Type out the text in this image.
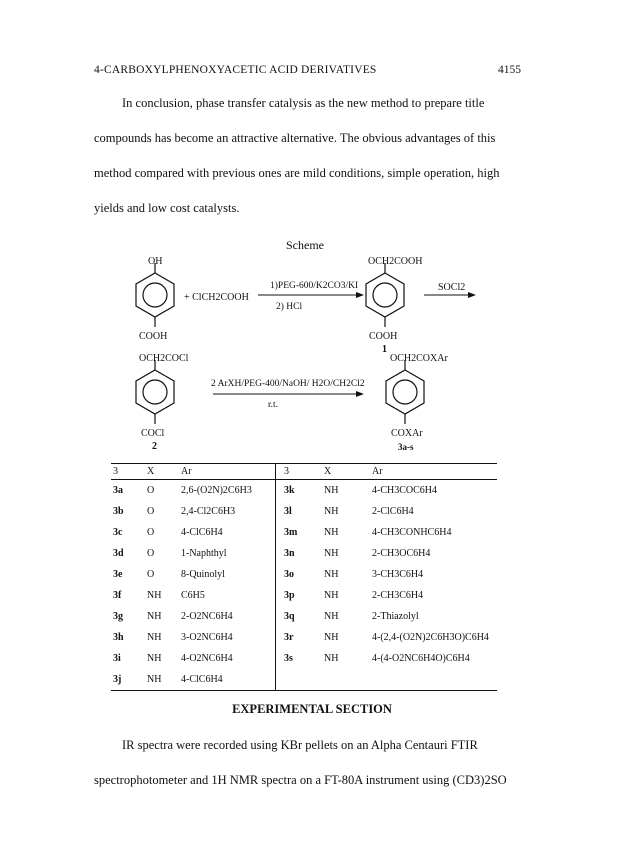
4-CARBOXYLPHENOXYACETIC ACID DERIVATIVES	4155

In conclusion, phase transfer catalysis as the new method to prepare title

compounds has become an attractive alternative. The obvious advantages of this

method compared with previous ones are mild conditions, simple operation, high

yields and low cost catalysts.

Scheme
OH
COOH
+ ClCH2COOH
1)PEG-600/K2CO3/KI
2) HCl
OCH2COOH
COOH
1
SOCl2
OCH2COCl
COCl
2
2 ArXH/PEG-400/NaOH/ H2O/CH2Cl2
r.t.
OCH2COXAr
COXAr
3a-s
3	X	Ar	3	X	Ar
3a	O	2,6-(O2N)2C6H3	3k	NH	4-CH3COC6H4
3b	O	2,4-Cl2C6H3	3l	NH	2-ClC6H4
3c	O	4-ClC6H4	3m	NH	4-CH3CONHC6H4
3d	O	1-Naphthyl	3n	NH	2-CH3OC6H4
3e	O	8-Quinolyl	3o	NH	3-CH3C6H4
3f	NH	C6H5	3p	NH	2-CH3C6H4
3g	NH	2-O2NC6H4	3q	NH	2-Thiazolyl
3h	NH	3-O2NC6H4	3r	NH	4-(2,4-(O2N)2C6H3O)C6H4
3i	NH	4-O2NC6H4	3s	NH	4-(4-O2NC6H4O)C6H4
3j	NH	4-ClC6H4			
EXPERIMENTAL SECTION

IR spectra were recorded using KBr pellets on an Alpha Centauri FTIR

spectrophotometer and 1H NMR spectra on a FT-80A instrument using (CD3)2SO
